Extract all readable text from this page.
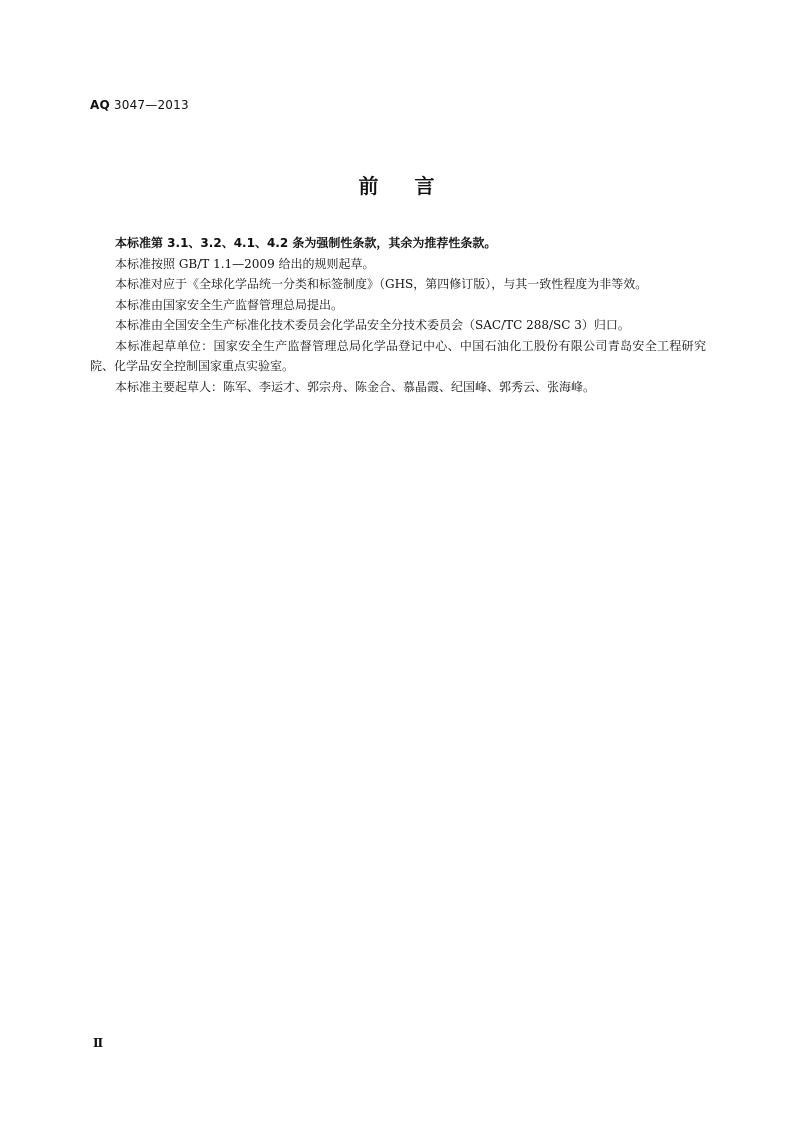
AQ 3047—2013
前言

本标准第 3.1、3.2、4.1、4.2 条为强制性条款，其余为推荐性条款。

本标准按照 GB/T 1.1—2009 给出的规则起草。

本标准对应于《全球化学品统一分类和标签制度》（GHS，第四修订版），与其一致性程度为非等效。

本标准由国家安全生产监督管理总局提出。

本标准由全国安全生产标准化技术委员会化学品安全分技术委员会（SAC/TC 288/SC 3）归口。

本标准起草单位：国家安全生产监督管理总局化学品登记中心、中国石油化工股份有限公司青岛安全工程研究院、化学品安全控制国家重点实验室。

本标准主要起草人：陈军、李运才、郭宗舟、陈金合、慕晶霞、纪国峰、郭秀云、张海峰。

Ⅱ
